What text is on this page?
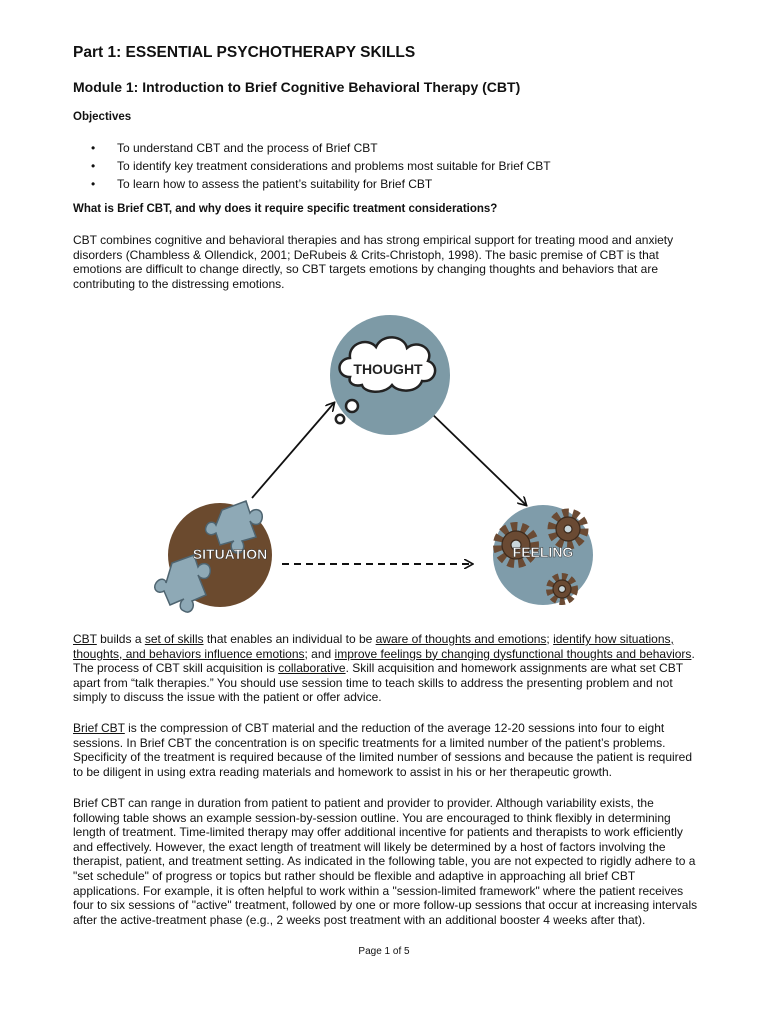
Part 1: ESSENTIAL PSYCHOTHERAPY SKILLS
Module 1: Introduction to Brief Cognitive Behavioral Therapy (CBT)
Objectives
• To understand CBT and the process of Brief CBT
• To identify key treatment considerations and problems most suitable for Brief CBT
• To learn how to assess the patient’s suitability for Brief CBT
What is Brief CBT, and why does it require specific treatment considerations?

CBT combines cognitive and behavioral therapies and has strong empirical support for treating mood and anxiety disorders (Chambless & Ollendick, 2001; DeRubeis & Crits-Christoph, 1998). The basic premise of CBT is that emotions are difficult to change directly, so CBT targets emotions by changing thoughts and behaviors that are contributing to the distressing emotions.

THOUGHT
SITUATION	FEELING

CBT builds a set of skills that enables an individual to be aware of thoughts and emotions; identify how situations, thoughts, and behaviors influence emotions; and improve feelings by changing dysfunctional thoughts and behaviors. The process of CBT skill acquisition is collaborative. Skill acquisition and homework assignments are what set CBT apart from “talk therapies.” You should use session time to teach skills to address the presenting problem and not simply to discuss the issue with the patient or offer advice.

Brief CBT is the compression of CBT material and the reduction of the average 12-20 sessions into four to eight sessions. In Brief CBT the concentration is on specific treatments for a limited number of the patient’s problems. Specificity of the treatment is required because of the limited number of sessions and because the patient is required to be diligent in using extra reading materials and homework to assist in his or her therapeutic growth.

Brief CBT can range in duration from patient to patient and provider to provider. Although variability exists, the following table shows an example session-by-session outline. You are encouraged to think flexibly in determining length of treatment. Time-limited therapy may offer additional incentive for patients and therapists to work efficiently and effectively. However, the exact length of treatment will likely be determined by a host of factors involving the therapist, patient, and treatment setting. As indicated in the following table, you are not expected to rigidly adhere to a "set schedule" of progress or topics but rather should be flexible and adaptive in approaching all brief CBT applications. For example, it is often helpful to work within a "session-limited framework" where the patient receives four to six sessions of "active" treatment, followed by one or more follow-up sessions that occur at increasing intervals after the active-treatment phase (e.g., 2 weeks post treatment with an additional booster 4 weeks after that).

Page 1 of 5
